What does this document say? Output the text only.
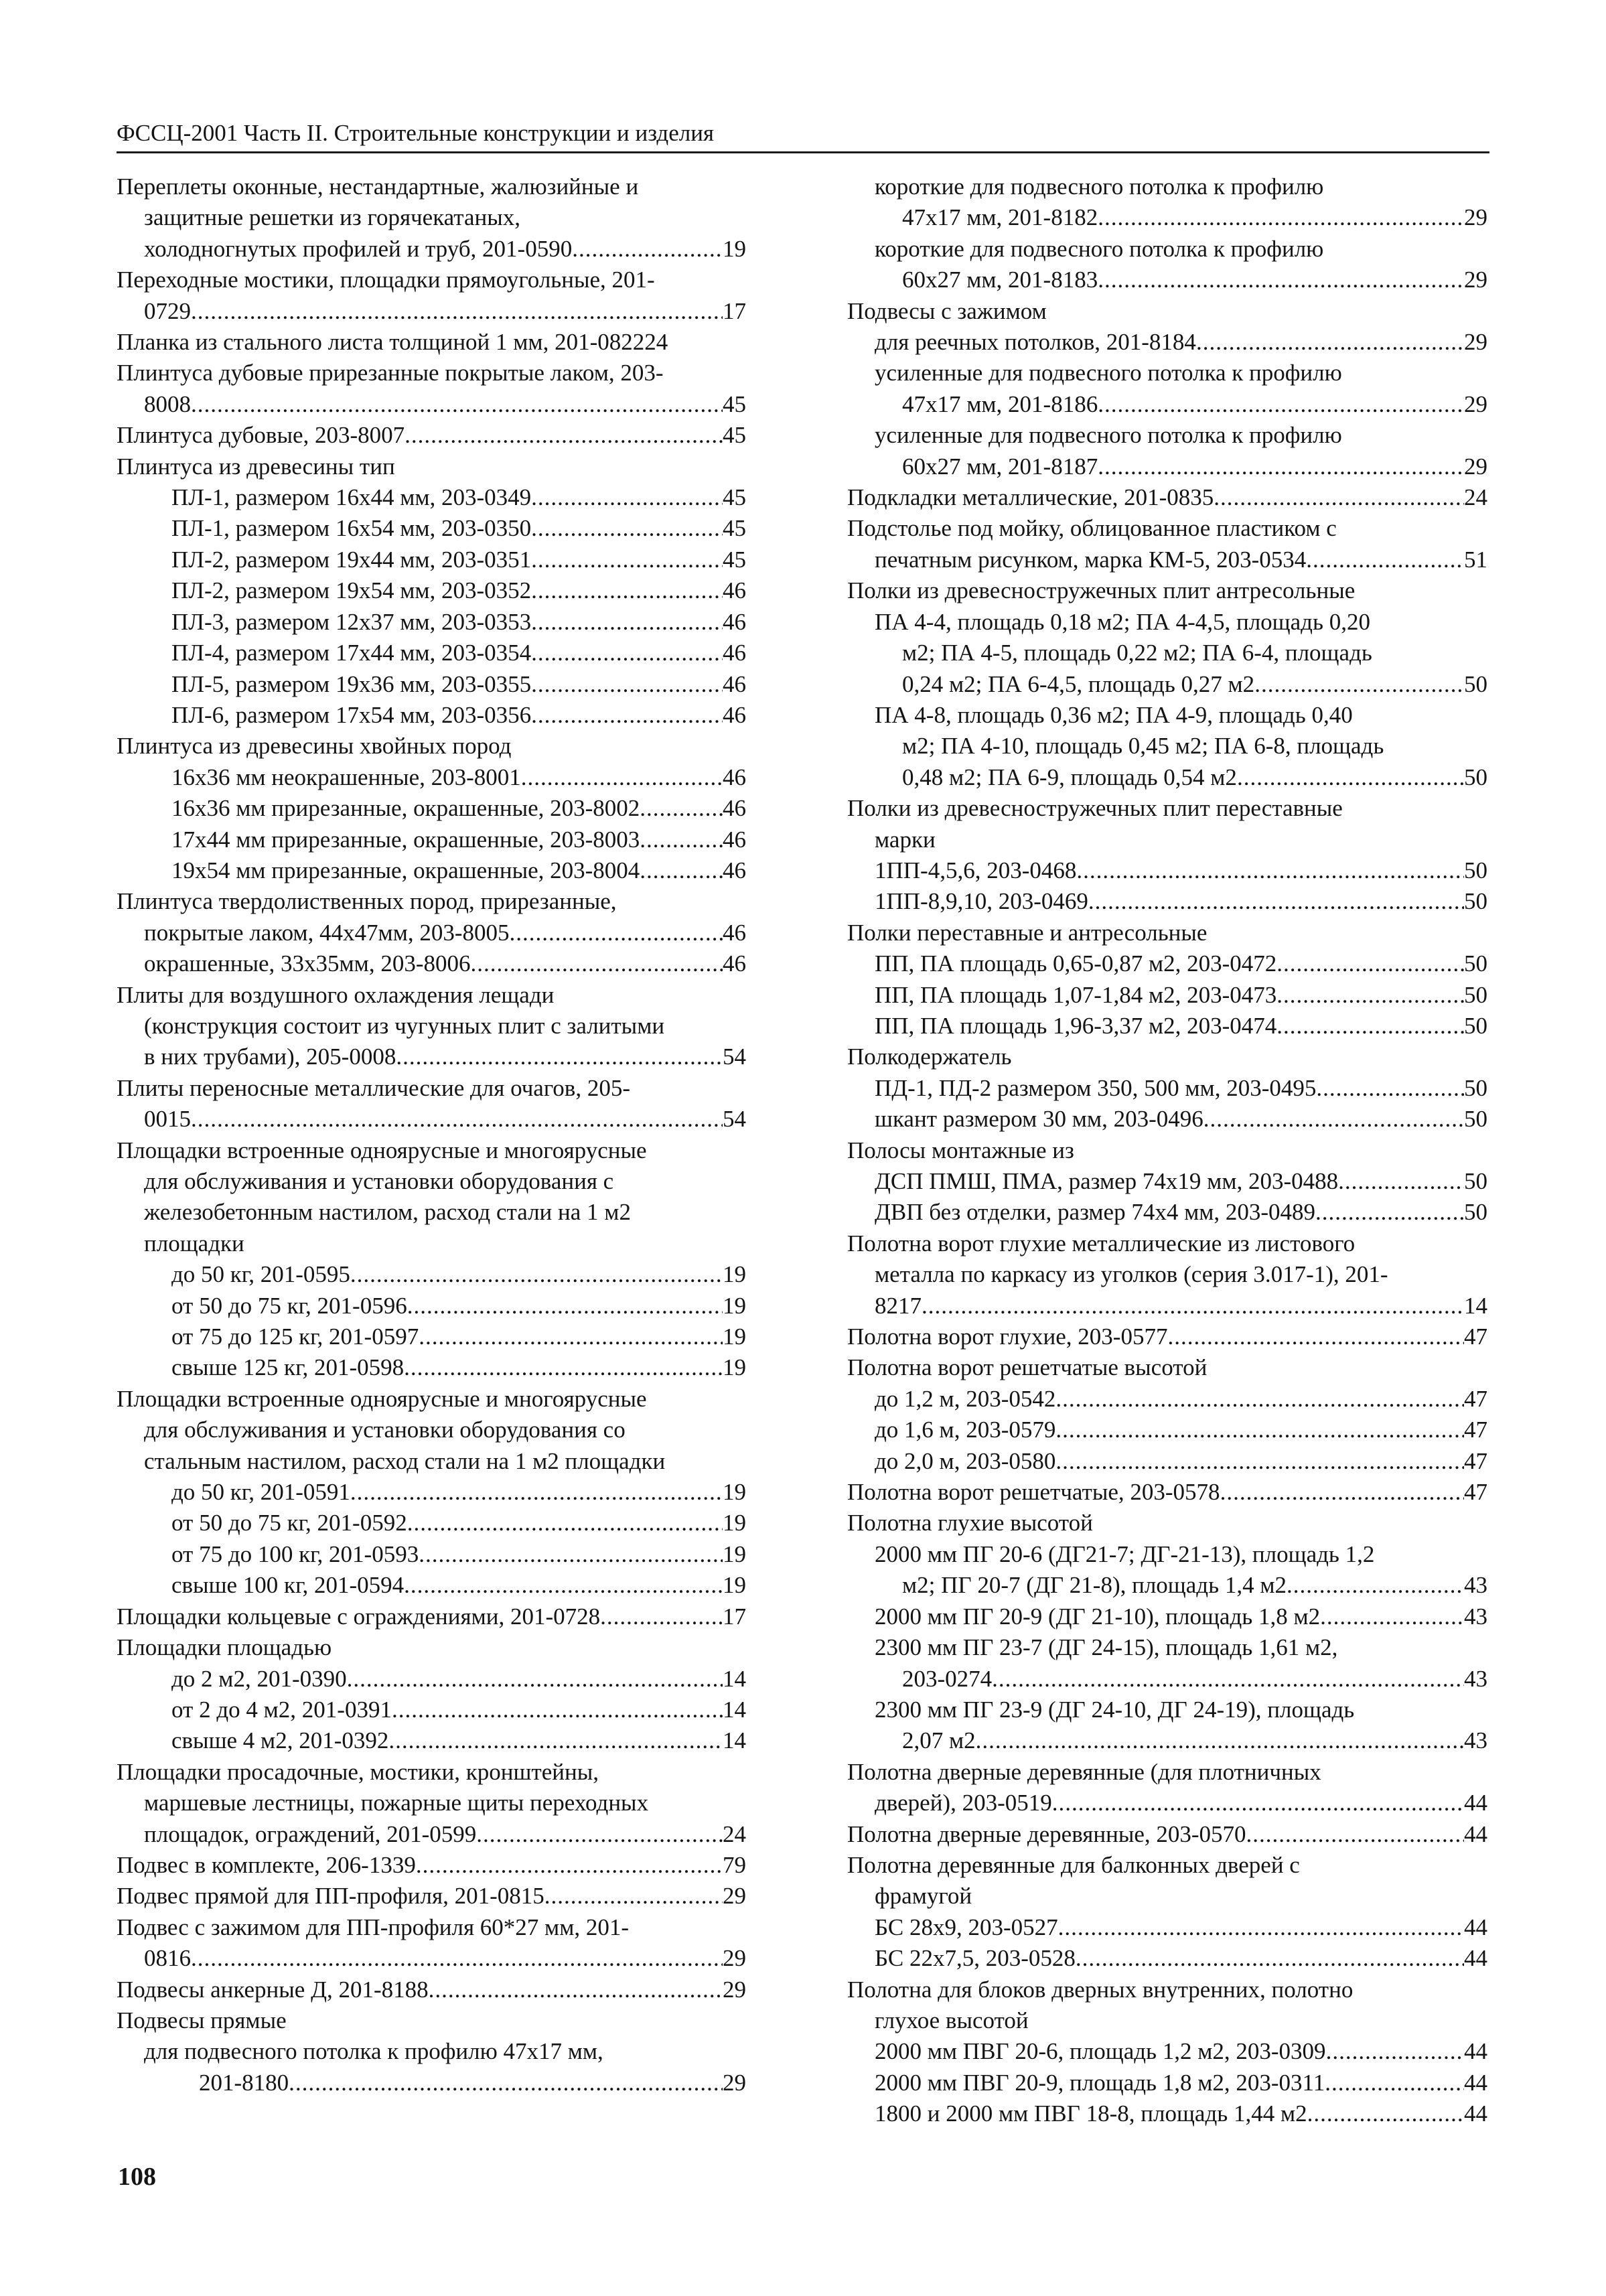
ФССЦ-2001 Часть II. Строительные конструкции и изделия
Переплеты оконные, нестандартные, жалюзийные и
защитные решетки из горячекатаных,
холодногнутых профилей и труб, 201-0590 .....	19
Переходные мостики, площадки прямоугольные, 201-
0729 .....	17
Планка из стального листа толщиной 1 мм, 201-082224
Плинтуса дубовые прирезанные покрытые лаком, 203-
8008 .....	45
Плинтуса дубовые, 203-8007 .....	45
Плинтуса из древесины тип
ПЛ-1, размером 16x44 мм, 203-0349 .....	45
ПЛ-1, размером 16x54 мм, 203-0350 .....	45
ПЛ-2, размером 19x44 мм, 203-0351 .....	45
ПЛ-2, размером 19x54 мм, 203-0352 .....	46
ПЛ-3, размером 12x37 мм, 203-0353 .....	46
ПЛ-4, размером 17x44 мм, 203-0354 .....	46
ПЛ-5, размером 19x36 мм, 203-0355 .....	46
ПЛ-6, размером 17x54 мм, 203-0356 .....	46
Плинтуса из древесины хвойных пород
16x36 мм неокрашенные, 203-8001 .....	46
16x36 мм прирезанные, окрашенные, 203-8002 .....	46
17x44 мм прирезанные, окрашенные, 203-8003 .....	46
19x54 мм прирезанные, окрашенные, 203-8004 .....	46
Плинтуса твердолиственных пород, прирезанные,
покрытые лаком, 44x47мм, 203-8005 .....	46
окрашенные, 33x35мм, 203-8006 .....	46
Плиты для воздушного охлаждения лещади
(конструкция состоит из чугунных плит с залитыми
в них трубами), 205-0008 .....	54
Плиты переносные металлические для очагов, 205-
0015 .....	54
Площадки встроенные одноярусные и многоярусные
для обслуживания и установки оборудования с
железобетонным настилом, расход стали на 1 м2
площадки
до 50 кг, 201-0595 .....	19
от 50 до 75 кг, 201-0596 .....	19
от 75 до 125 кг, 201-0597 .....	19
свыше 125 кг, 201-0598 .....	19
Площадки встроенные одноярусные и многоярусные
для обслуживания и установки оборудования со
стальным настилом, расход стали на 1 м2 площадки
до 50 кг, 201-0591 .....	19
от 50 до 75 кг, 201-0592 .....	19
от 75 до 100 кг, 201-0593 .....	19
свыше 100 кг, 201-0594 .....	19
Площадки кольцевые с ограждениями, 201-0728 .....	17
Площадки площадью
до 2 м2, 201-0390 .....	14
от 2 до 4 м2, 201-0391 .....	14
свыше 4 м2, 201-0392 .....	14
Площадки просадочные, мостики, кронштейны,
маршевые лестницы, пожарные щиты переходных
площадок, ограждений, 201-0599 .....	24
Подвес в комплекте, 206-1339 .....	79
Подвес прямой для ПП-профиля, 201-0815 .....	29
Подвес с зажимом для ПП-профиля 60*27 мм, 201-
0816 .....	29
Подвесы анкерные Д, 201-8188 .....	29
Подвесы прямые
для подвесного потолка к профилю 47x17 мм,
201-8180 .....	29
короткие для подвесного потолка к профилю
47x17 мм, 201-8182 .....	29
короткие для подвесного потолка к профилю
60x27 мм, 201-8183 .....	29
Подвесы с зажимом
для реечных потолков, 201-8184 .....	29
усиленные для подвесного потолка к профилю
47x17 мм, 201-8186 .....	29
усиленные для подвесного потолка к профилю
60x27 мм, 201-8187 .....	29
Подкладки металлические, 201-0835 .....	24
Подстолье под мойку, облицованное пластиком с
печатным рисунком, марка КМ-5, 203-0534 .....	51
Полки из древесностружечных плит антресольные
ПА 4-4, площадь 0,18 м2; ПА 4-4,5, площадь 0,20
м2; ПА 4-5, площадь 0,22 м2; ПА 6-4, площадь
0,24 м2; ПА 6-4,5, площадь 0,27 м2 .....	50
ПА 4-8, площадь 0,36 м2; ПА 4-9, площадь 0,40
м2; ПА 4-10, площадь 0,45 м2; ПА 6-8, площадь
0,48 м2; ПА 6-9, площадь 0,54 м2 .....	50
Полки из древесностружечных плит переставные
марки
1ПП-4,5,6, 203-0468 .....	50
1ПП-8,9,10, 203-0469 .....	50
Полки переставные и антресольные
ПП, ПА площадь 0,65-0,87 м2, 203-0472 .....	50
ПП, ПА площадь 1,07-1,84 м2, 203-0473 .....	50
ПП, ПА площадь 1,96-3,37 м2, 203-0474 .....	50
Полкодержатель
ПД-1, ПД-2 размером 350, 500 мм, 203-0495 .....	50
шкант размером 30 мм, 203-0496 .....	50
Полосы монтажные из
ДСП ПМШ, ПМА, размер 74x19 мм, 203-0488 .....	50
ДВП без отделки, размер 74x4 мм, 203-0489 .....	50
Полотна ворот глухие металлические из листового
металла по каркасу из уголков (серия 3.017-1), 201-
8217 .....	14
Полотна ворот глухие, 203-0577 .....	47
Полотна ворот решетчатые высотой
до 1,2 м, 203-0542 .....	47
до 1,6 м, 203-0579 .....	47
до 2,0 м, 203-0580 .....	47
Полотна ворот решетчатые, 203-0578 .....	47
Полотна глухие высотой
2000 мм ПГ 20-6 (ДГ21-7; ДГ-21-13), площадь 1,2
м2; ПГ 20-7 (ДГ 21-8), площадь 1,4 м2 .....	43
2000 мм ПГ 20-9 (ДГ 21-10), площадь 1,8 м2 .....	43
2300 мм ПГ 23-7 (ДГ 24-15), площадь 1,61 м2,
203-0274 .....	43
2300 мм ПГ 23-9 (ДГ 24-10, ДГ 24-19), площадь
2,07 м2 .....	43
Полотна дверные деревянные (для плотничных
дверей), 203-0519 .....	44
Полотна дверные деревянные, 203-0570 .....	44
Полотна деревянные для балконных дверей с
фрамугой
БС 28x9, 203-0527 .....	44
БС 22x7,5, 203-0528 .....	44
Полотна для блоков дверных внутренних, полотно
глухое высотой
2000 мм ПВГ 20-6, площадь 1,2 м2, 203-0309 .....	44
2000 мм ПВГ 20-9, площадь 1,8 м2, 203-0311 .....	44
1800 и 2000 мм ПВГ 18-8, площадь 1,44 м2 .....	44
108
